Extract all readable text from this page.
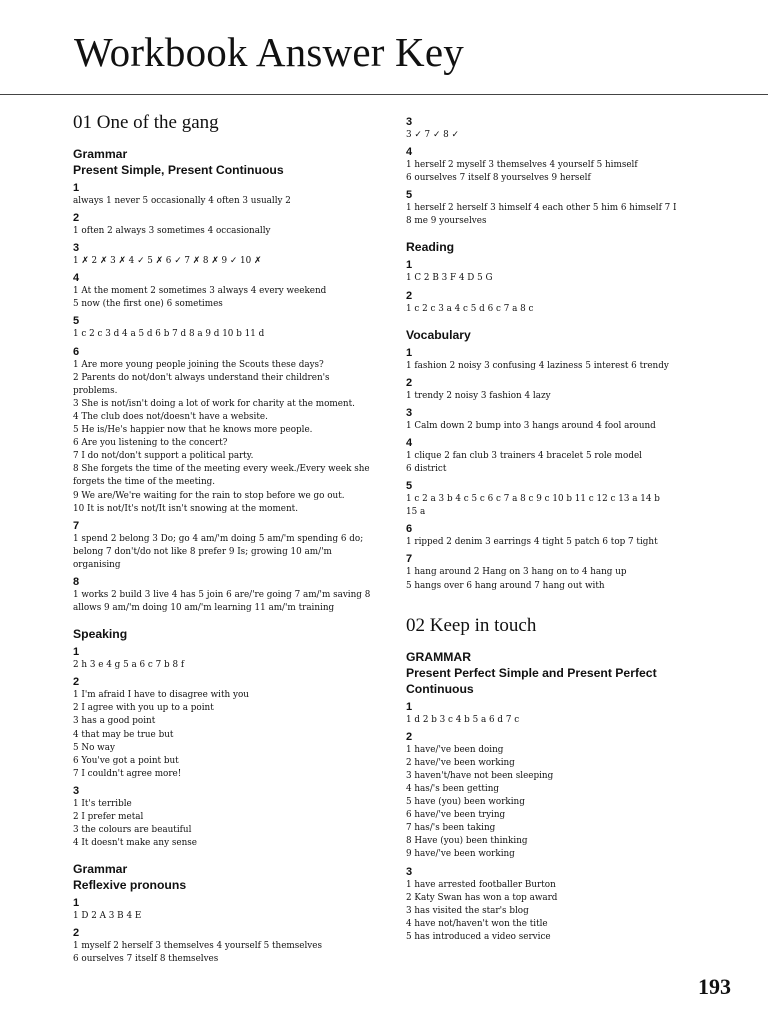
Workbook Answer Key
01 One of the gang
Grammar
Present Simple, Present Continuous
1
always 1 never 5 occasionally 4 often 3 usually 2
2
1 often 2 always 3 sometimes 4 occasionally
3
1 ✗ 2 ✗ 3 ✗ 4 ✓ 5 ✗ 6 ✓ 7 ✗ 8 ✗ 9 ✓ 10 ✗
4
1 At the moment 2 sometimes 3 always 4 every weekend
5 now (the first one) 6 sometimes
5
1 c 2 c 3 d 4 a 5 d 6 b 7 d 8 a 9 d 10 b 11 d
6
1 Are more young people joining the Scouts these days?
2 Parents do not/don't always understand their children's problems.
3 She is not/isn't doing a lot of work for charity at the moment.
4 The club does not/doesn't have a website.
5 He is/He's happier now that he knows more people.
6 Are you listening to the concert?
7 I do not/don't support a political party.
8 She forgets the time of the meeting every week./Every week she forgets the time of the meeting.
9 We are/We're waiting for the rain to stop before we go out.
10 It is not/It's not/It isn't snowing at the moment.
7
1 spend 2 belong 3 Do; go 4 am/'m doing 5 am/'m spending 6 do; belong 7 don't/do not like 8 prefer 9 Is; growing 10 am/'m organising
8
1 works 2 build 3 live 4 has 5 join 6 are/'re going 7 am/'m saving 8 allows 9 am/'m doing 10 am/'m learning 11 am/'m training
Speaking
1
2 h 3 e 4 g 5 a 6 c 7 b 8 f
2
1 I'm afraid I have to disagree with you
2 I agree with you up to a point
3 has a good point
4 that may be true but
5 No way
6 You've got a point but
7 I couldn't agree more!
3
1 It's terrible
2 I prefer metal
3 the colours are beautiful
4 It doesn't make any sense
Grammar
Reflexive pronouns
1
1 D 2 A 3 B 4 E
2
1 myself 2 herself 3 themselves 4 yourself 5 themselves
6 ourselves 7 itself 8 themselves
3
3 ✓ 7 ✓ 8 ✓
4
1 herself 2 myself 3 themselves 4 yourself 5 himself
6 ourselves 7 itself 8 yourselves 9 herself
5
1 herself 2 herself 3 himself 4 each other 5 him 6 himself 7 I
8 me 9 yourselves
Reading
1
1 C 2 B 3 F 4 D 5 G
2
1 c 2 c 3 a 4 c 5 d 6 c 7 a 8 c
Vocabulary
1
1 fashion 2 noisy 3 confusing 4 laziness 5 interest 6 trendy
2
1 trendy 2 noisy 3 fashion 4 lazy
3
1 Calm down 2 bump into 3 hangs around 4 fool around
4
1 clique 2 fan club 3 trainers 4 bracelet 5 role model
6 district
5
1 c 2 a 3 b 4 c 5 c 6 c 7 a 8 c 9 c 10 b 11 c 12 c 13 a 14 b
15 a
6
1 ripped 2 denim 3 earrings 4 tight 5 patch 6 top 7 tight
7
1 hang around 2 Hang on 3 hang on to 4 hang up
5 hangs over 6 hang around 7 hang out with
02 Keep in touch
GRAMMAR
Present Perfect Simple and Present Perfect Continuous
1
1 d 2 b 3 c 4 b 5 a 6 d 7 c
2
1 have/'ve been doing
2 have/'ve been working
3 haven't/have not been sleeping
4 has/'s been getting
5 have (you) been working
6 have/'ve been trying
7 has/'s been taking
8 Have (you) been thinking
9 have/'ve been working
3
1 have arrested footballer Burton
2 Katy Swan has won a top award
3 has visited the star's blog
4 have not/haven't won the title
5 has introduced a video service
193
